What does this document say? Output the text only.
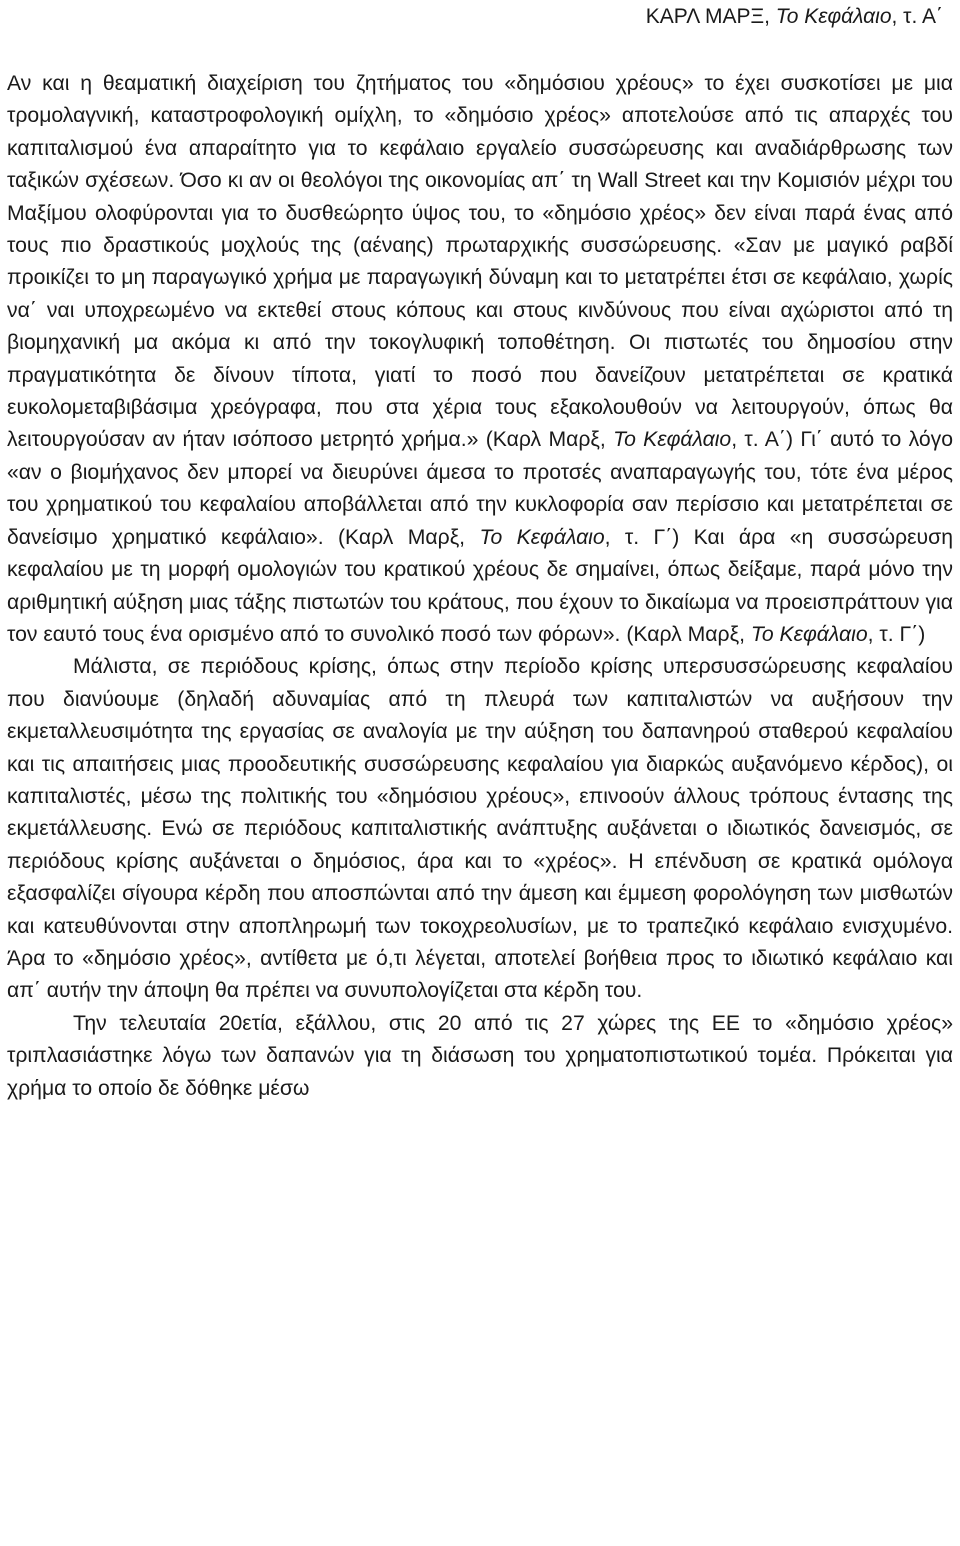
ΚΑΡΛ ΜΑΡΞ, Το Κεφάλαιο, τ. Α΄

Αν και η θεαματική διαχείριση του ζητήματος του «δημόσιου χρέους» το έχει συσκοτίσει με μια τρομολαγνική, καταστροφολογική ομίχλη, το «δημόσιο χρέος» αποτελούσε από τις απαρχές του καπιταλισμού ένα απαραίτητο για το κεφάλαιο εργαλείο συσσώρευσης και αναδιάρθρωσης των ταξικών σχέσεων. Όσο κι αν οι θεολόγοι της οικονομίας απ΄ τη Wall Street και την Κομισιόν μέχρι του Μαξίμου ολοφύρονται για το δυσθεώρητο ύψος του, το «δημόσιο χρέος» δεν είναι παρά ένας από τους πιο δραστικούς μοχλούς της (αέναης) πρωταρχικής συσσώρευσης. «Σαν με μαγικό ραβδί προικίζει το μη παραγωγικό χρήμα με παραγωγική δύναμη και το μετατρέπει έτσι σε κεφάλαιο, χωρίς να΄ ναι υποχρεωμένο να εκτεθεί στους κόπους και στους κινδύνους που είναι αχώριστοι από τη βιομηχανική μα ακόμα κι από την τοκογλυφική τοποθέτηση. Οι πιστωτές του δημοσίου στην πραγματικότητα δε δίνουν τίποτα, γιατί το ποσό που δανείζουν μετατρέπεται σε κρατικά ευκολομεταβιβάσιμα χρεόγραφα, που στα χέρια τους εξακολουθούν να λειτουργούν, όπως θα λειτουργούσαν αν ήταν ισόποσο μετρητό χρήμα.» (Καρλ Μαρξ, Το Κεφάλαιο, τ. Α΄) Γι΄ αυτό το λόγο «αν ο βιομήχανος δεν μπορεί να διευρύνει άμεσα το προτσές αναπαραγωγής του, τότε ένα μέρος του χρηματικού του κεφαλαίου αποβάλλεται από την κυκλοφορία σαν περίσσιο και μετατρέπεται σε δανείσιμο χρηματικό κεφάλαιο». (Καρλ Μαρξ, Το Κεφάλαιο, τ. Γ΄) Και άρα «η συσσώρευση κεφαλαίου με τη μορφή ομολογιών του κρατικού χρέους δε σημαίνει, όπως δείξαμε, παρά μόνο την αριθμητική αύξηση μιας τάξης πιστωτών του κράτους, που έχουν το δικαίωμα να προεισπράττουν για τον εαυτό τους ένα ορισμένο από το συνολικό ποσό των φόρων». (Καρλ Μαρξ, Το Κεφάλαιο, τ. Γ΄)

Μάλιστα, σε περιόδους κρίσης, όπως στην περίοδο κρίσης υπερσυσσώρευσης κεφαλαίου που διανύουμε (δηλαδή αδυναμίας από τη πλευρά των καπιταλιστών να αυξήσουν την εκμεταλλευσιμότητα της εργασίας σε αναλογία με την αύξηση του δαπανηρού σταθερού κεφαλαίου και τις απαιτήσεις μιας προοδευτικής συσσώρευσης κεφαλαίου για διαρκώς αυξανόμενο κέρδος), οι καπιταλιστές, μέσω της πολιτικής του «δημόσιου χρέους», επινοούν άλλους τρόπους έντασης της εκμετάλλευσης. Ενώ σε περιόδους καπιταλιστικής ανάπτυξης αυξάνεται ο ιδιωτικός δανεισμός, σε περιόδους κρίσης αυξάνεται ο δημόσιος, άρα και το «χρέος». Η επένδυση σε κρατικά ομόλογα εξασφαλίζει σίγουρα κέρδη που αποσπώνται από την άμεση και έμμεση φορολόγηση των μισθωτών και κατευθύνονται στην αποπληρωμή των τοκοχρεολυσίων, με το τραπεζικό κεφάλαιο ενισχυμένο. Άρα το «δημόσιο χρέος», αντίθετα με ό,τι λέγεται, αποτελεί βοήθεια προς το ιδιωτικό κεφάλαιο και απ΄ αυτήν την άποψη θα πρέπει να συνυπολογίζεται στα κέρδη του.

Την τελευταία 20ετία, εξάλλου, στις 20 από τις 27 χώρες της ΕΕ το «δημόσιο χρέος» τριπλασιάστηκε λόγω των δαπανών για τη διάσωση του χρηματοπιστωτικού τομέα. Πρόκειται για χρήμα το οποίο δε δόθηκε μέσω
